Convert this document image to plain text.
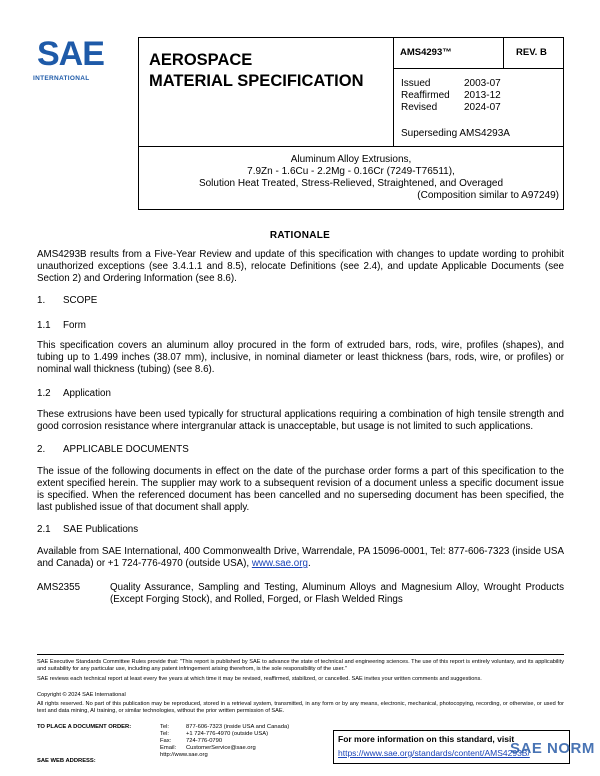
SAE
INTERNATIONAL
AEROSPACE
MATERIAL SPECIFICATION
AMS4293™	REV. B
Issued	2003-07
Reaffirmed 2013-12
Revised	2024-07
Superseding AMS4293A
Aluminum Alloy Extrusions,
7.9Zn - 1.6Cu - 2.2Mg - 0.16Cr (7249-T76511),
Solution Heat Treated, Stress-Relieved, Straightened, and Overaged
(Composition similar to A97249)
RATIONALE
AMS4293B results from a Five-Year Review and update of this specification with changes to update wording to prohibit unauthorized exceptions (see 3.4.1.1 and 8.5), relocate Definitions (see 2.4), and update Applicable Documents (see Section 2) and Ordering Information (see 8.6).
1. SCOPE
1.1 Form
This specification covers an aluminum alloy procured in the form of extruded bars, rods, wire, profiles (shapes), and tubing up to 1.499 inches (38.07 mm), inclusive, in nominal diameter or least thickness (bars, rods, wire, or profiles) or nominal wall thickness (tubing) (see 8.6).
1.2 Application
These extrusions have been used typically for structural applications requiring a combination of high tensile strength and good corrosion resistance where intergranular attack is unacceptable, but usage is not limited to such applications.
2. APPLICABLE DOCUMENTS
The issue of the following documents in effect on the date of the purchase order forms a part of this specification to the extent specified herein. The supplier may work to a subsequent revision of a document unless a specific document issue is specified. When the referenced document has been cancelled and no superseding document has been specified, the last published issue of that document shall apply.
2.1 SAE Publications
Available from SAE International, 400 Commonwealth Drive, Warrendale, PA 15096-0001, Tel: 877-606-7323 (inside USA and Canada) or +1 724-776-4970 (outside USA), www.sae.org.
AMS2355	Quality Assurance, Sampling and Testing, Aluminum Alloys and Magnesium Alloy, Wrought Products (Except Forging Stock), and Rolled, Forged, or Flash Welded Rings
SAE Executive Standards Committee Rules provide that: "This report is published by SAE to advance the state of technical and engineering sciences. The use of this report is entirely voluntary, and its applicability and suitability for any particular use, including any patent infringement arising therefrom, is the sole responsibility of the user."
SAE reviews each technical report at least every five years at which time it may be revised, reaffirmed, stabilized, or cancelled. SAE invites your written comments and suggestions.
Copyright © 2024 SAE International
All rights reserved. No part of this publication may be reproduced, stored in a retrieval system, transmitted, in any form or by any means, electronic, mechanical, photocopying, recording, or otherwise, or used for text and data mining, AI training, or similar technologies, without the prior written permission of SAE.
TO PLACE A DOCUMENT ORDER:	Tel:	877-606-7323 (inside USA and Canada)
Tel:	+1 724-776-4970 (outside USA)
Fax:	724-776-0790
Email: CustomerService@sae.org
http://www.sae.org
SAE WEB ADDRESS:
For more information on this standard, visit
https://www.sae.org/standards/content/AMS4293B/
SAE NORM
